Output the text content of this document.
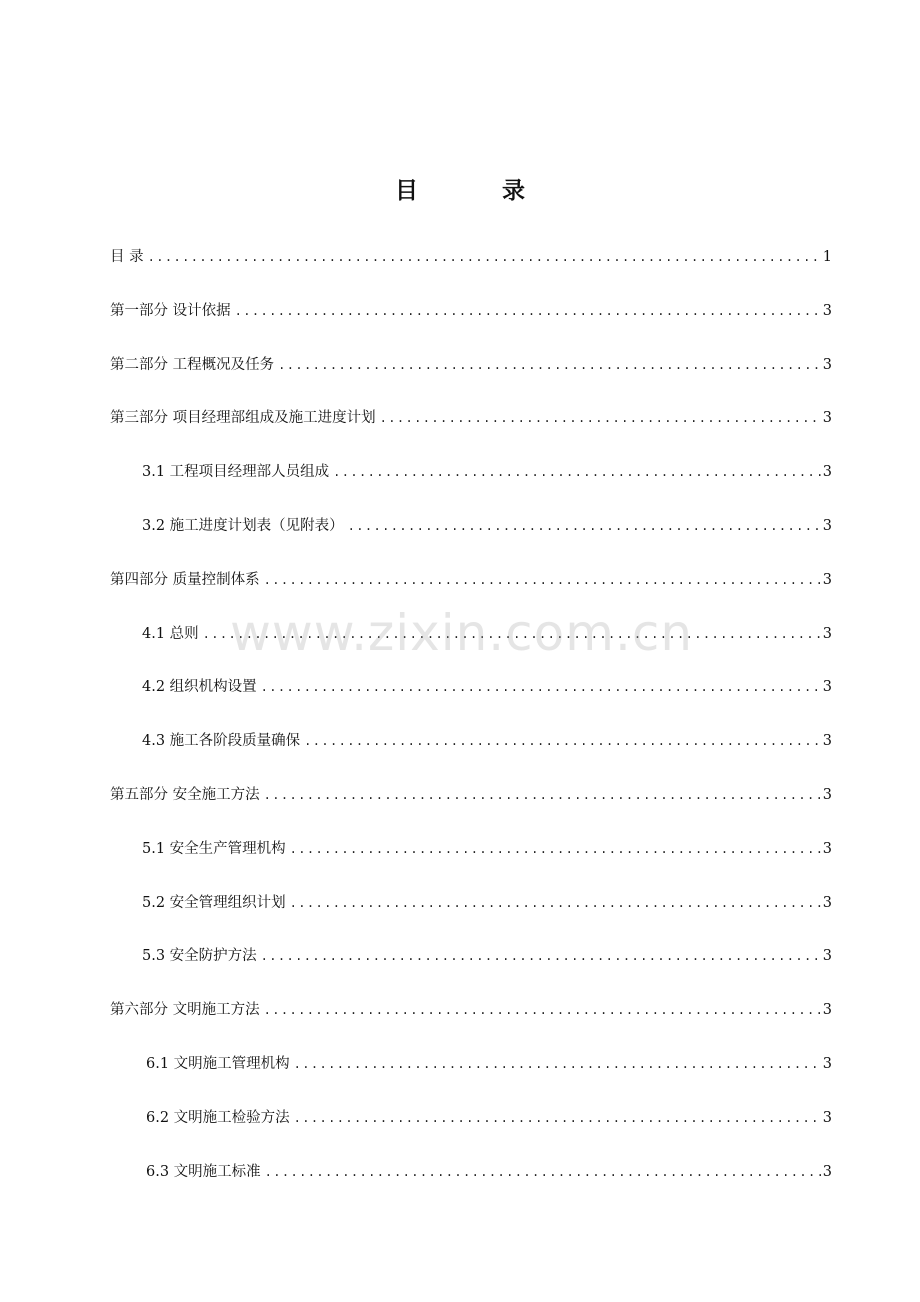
目 录
目 录 .....	1
第一部分 设计依据 .....	3
第二部分 工程概况及任务 .....	3
第三部分 项目经理部组成及施工进度计划 .....	3
3.1 工程项目经理部人员组成 .....	3
3.2 施工进度计划表（见附表） .....	3
第四部分 质量控制体系 .....	3
4.1 总则 .....	3
4.2 组织机构设置 .....	3
4.3 施工各阶段质量确保 .....	3
第五部分 安全施工方法 .....	3
5.1 安全生产管理机构 .....	3
5.2 安全管理组织计划 .....	3
5.3 安全防护方法 .....	3
第六部分 文明施工方法 .....	3
6.1 文明施工管理机构 .....	3
6.2 文明施工检验方法 .....	3
6.3 文明施工标准 .....	3
www.zixin.com.cn
